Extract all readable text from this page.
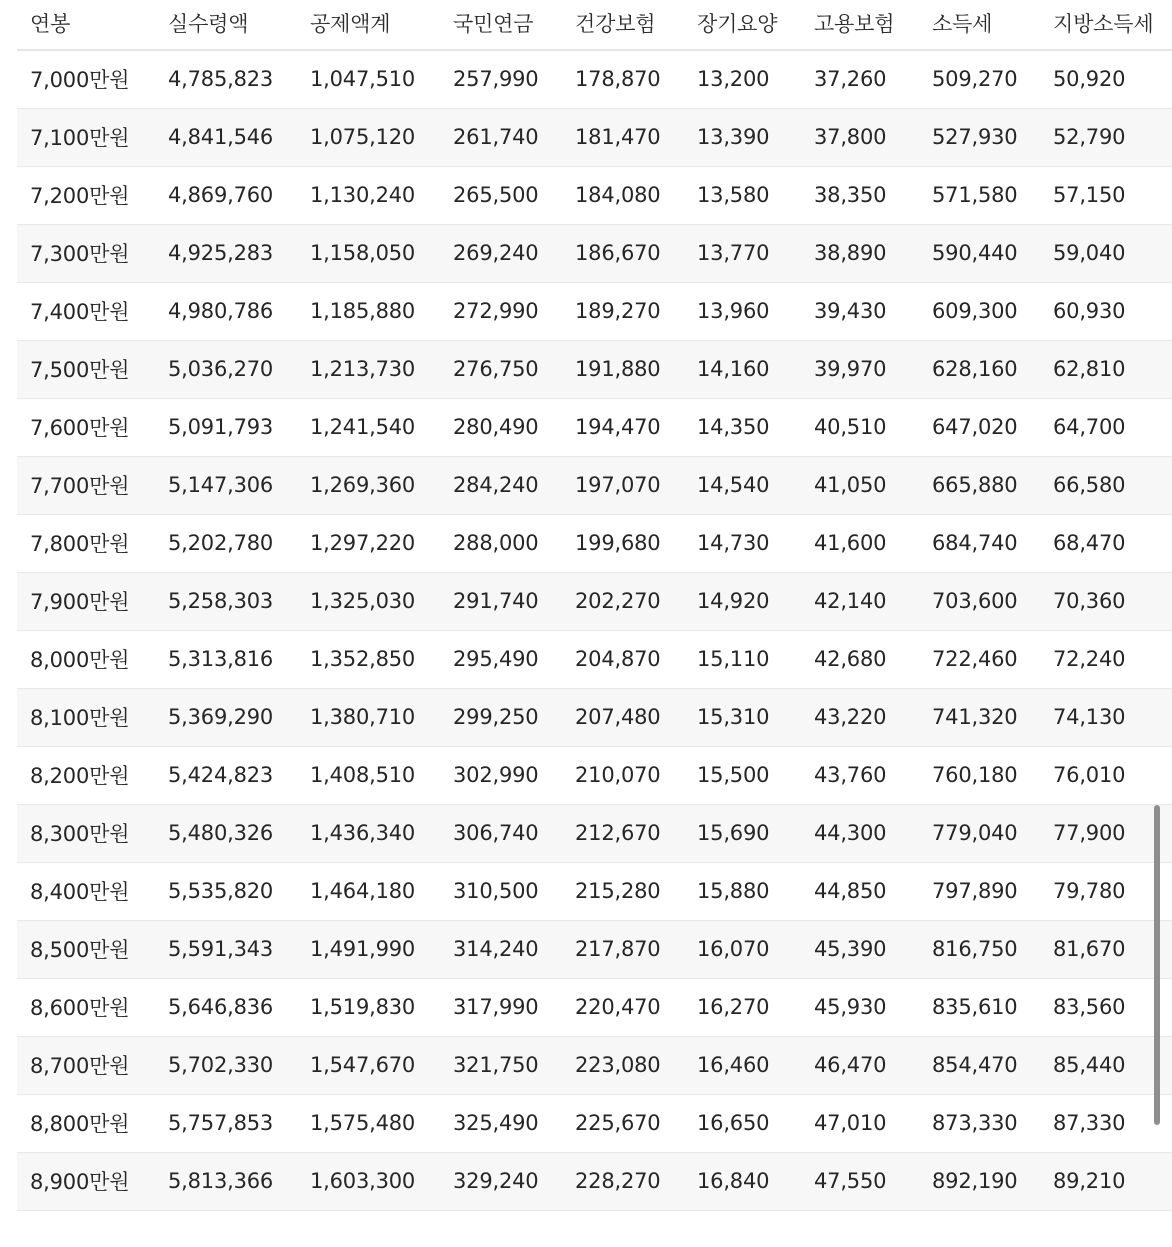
연봉	실수령액	공제액계	국민연금	건강보험	장기요양	고용보험	소득세	지방소득세
7,000만원	4,785,823	1,047,510	257,990	178,870	13,200	37,260	509,270	50,920
7,100만원	4,841,546	1,075,120	261,740	181,470	13,390	37,800	527,930	52,790
7,200만원	4,869,760	1,130,240	265,500	184,080	13,580	38,350	571,580	57,150
7,300만원	4,925,283	1,158,050	269,240	186,670	13,770	38,890	590,440	59,040
7,400만원	4,980,786	1,185,880	272,990	189,270	13,960	39,430	609,300	60,930
7,500만원	5,036,270	1,213,730	276,750	191,880	14,160	39,970	628,160	62,810
7,600만원	5,091,793	1,241,540	280,490	194,470	14,350	40,510	647,020	64,700
7,700만원	5,147,306	1,269,360	284,240	197,070	14,540	41,050	665,880	66,580
7,800만원	5,202,780	1,297,220	288,000	199,680	14,730	41,600	684,740	68,470
7,900만원	5,258,303	1,325,030	291,740	202,270	14,920	42,140	703,600	70,360
8,000만원	5,313,816	1,352,850	295,490	204,870	15,110	42,680	722,460	72,240
8,100만원	5,369,290	1,380,710	299,250	207,480	15,310	43,220	741,320	74,130
8,200만원	5,424,823	1,408,510	302,990	210,070	15,500	43,760	760,180	76,010
8,300만원	5,480,326	1,436,340	306,740	212,670	15,690	44,300	779,040	77,900
8,400만원	5,535,820	1,464,180	310,500	215,280	15,880	44,850	797,890	79,780
8,500만원	5,591,343	1,491,990	314,240	217,870	16,070	45,390	816,750	81,670
8,600만원	5,646,836	1,519,830	317,990	220,470	16,270	45,930	835,610	83,560
8,700만원	5,702,330	1,547,670	321,750	223,080	16,460	46,470	854,470	85,440
8,800만원	5,757,853	1,575,480	325,490	225,670	16,650	47,010	873,330	87,330
8,900만원	5,813,366	1,603,300	329,240	228,270	16,840	47,550	892,190	89,210
